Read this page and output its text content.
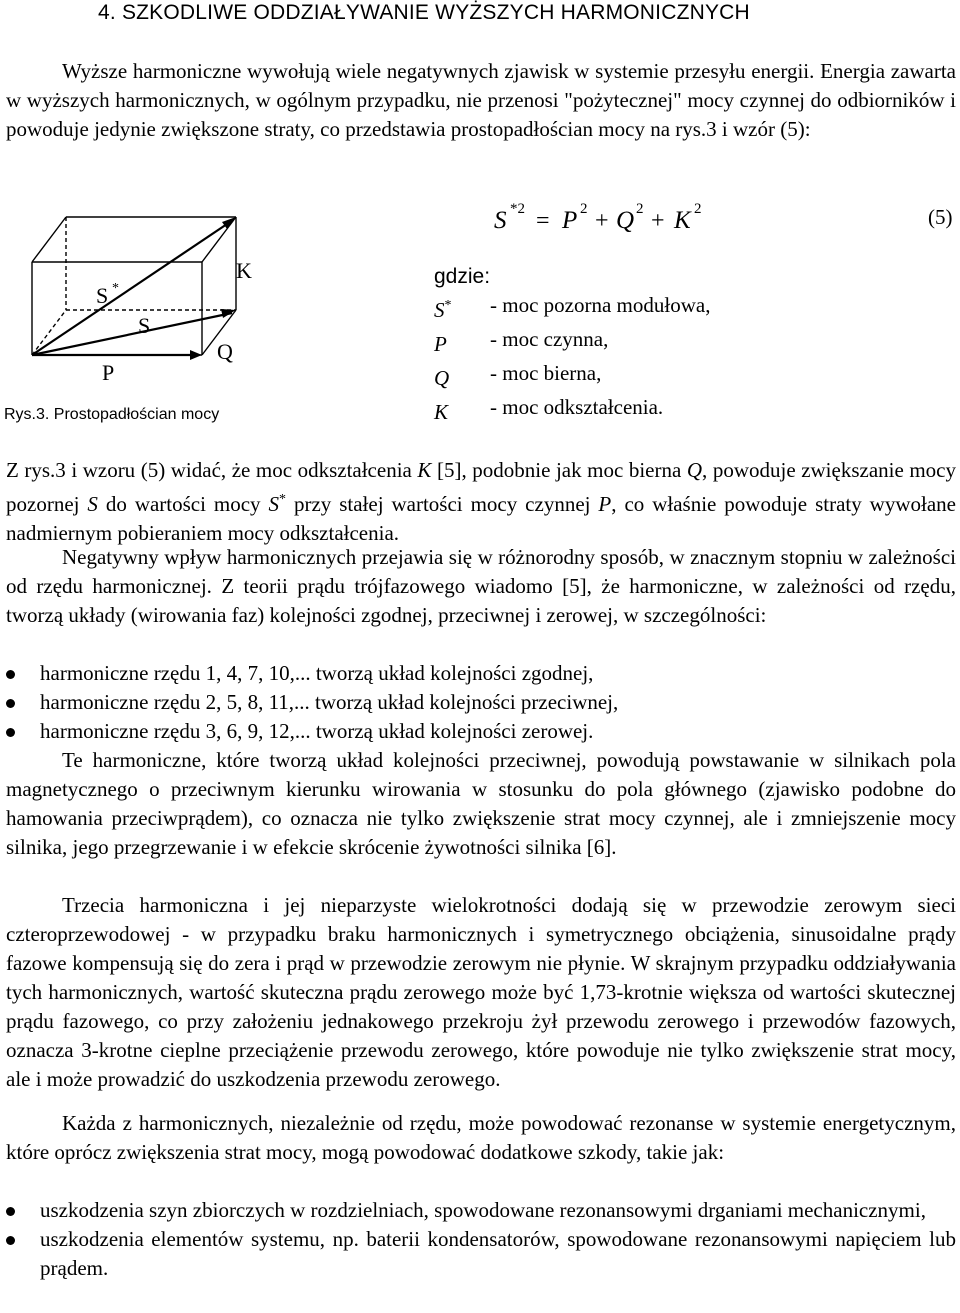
4. SZKODLIWE ODDZIAŁYWANIE WYŻSZYCH HARMONICZNYCH
Wyższe harmoniczne wywołują wiele negatywnych zjawisk w systemie przesyłu energii. Energia zawarta w wyższych harmonicznych, w ogólnym przypadku, nie przenosi "pożytecznej" mocy czynnej do odbiorników i powoduje jedynie zwiększone straty, co przedstawia prostopadłościan mocy na rys.3 i wzór (5):
S *
S
K
Q
P
Rys.3. Prostopadłościan mocy
S *2 = P 2 + Q 2 + K 2	(5)
gdzie:
S*	- moc pozorna modułowa,
P	- moc czynna,
Q	- moc bierna,
K	- moc odkształcenia.
Z rys.3 i wzoru (5) widać, że moc odkształcenia K [5], podobnie jak moc bierna Q, powoduje zwiększanie mocy pozornej S do wartości mocy S* przy stałej wartości mocy czynnej P, co właśnie powoduje straty wywołane nadmiernym pobieraniem mocy odkształcenia.
Negatywny wpływ harmonicznych przejawia się w różnorodny sposób, w znacznym stopniu w zależności od rzędu harmonicznej. Z teorii prądu trójfazowego wiadomo [5], że harmoniczne, w zależności od rzędu, tworzą układy (wirowania faz) kolejności zgodnej, przeciwnej i zerowej, w szczególności:
harmoniczne rzędu 1, 4, 7, 10,... tworzą układ kolejności zgodnej,
harmoniczne rzędu 2, 5, 8, 11,... tworzą układ kolejności przeciwnej,
harmoniczne rzędu 3, 6, 9, 12,... tworzą układ kolejności zerowej.
Te harmoniczne, które tworzą układ kolejności przeciwnej, powodują powstawanie w silnikach pola magnetycznego o przeciwnym kierunku wirowania w stosunku do pola głównego (zjawisko podobne do hamowania przeciwprądem), co oznacza nie tylko zwiększenie strat mocy czynnej, ale i zmniejszenie mocy silnika, jego przegrzewanie i w efekcie skrócenie żywotności silnika [6].
Trzecia harmoniczna i jej nieparzyste wielokrotności dodają się w przewodzie zerowym sieci czteroprzewodowej - w przypadku braku harmonicznych i symetrycznego obciążenia, sinusoidalne prądy fazowe kompensują się do zera i prąd w przewodzie zerowym nie płynie. W skrajnym przypadku oddziaływania tych harmonicznych, wartość skuteczna prądu zerowego może być 1,73-krotnie większa od wartości skutecznej prądu fazowego, co przy założeniu jednakowego przekroju żył przewodu zerowego i przewodów fazowych, oznacza 3-krotne cieplne przeciążenie przewodu zerowego, które powoduje nie tylko zwiększenie strat mocy, ale i może prowadzić do uszkodzenia przewodu zerowego.
Każda z harmonicznych, niezależnie od rzędu, może powodować rezonanse w systemie energetycznym, które oprócz zwiększenia strat mocy, mogą powodować dodatkowe szkody, takie jak:
uszkodzenia szyn zbiorczych w rozdzielniach, spowodowane rezonansowymi drganiami mechanicznymi,
uszkodzenia elementów systemu, np. baterii kondensatorów, spowodowane rezonansowymi napięciem lub prądem.
